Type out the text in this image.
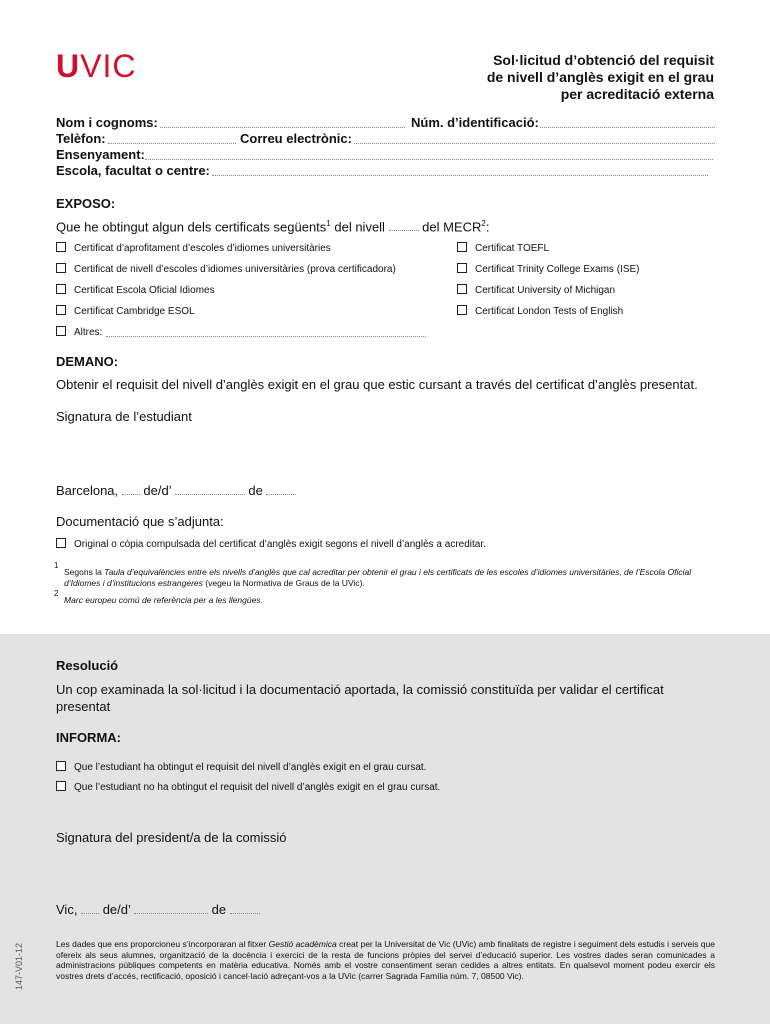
UVIC	Sol·licitud d’obtenció del requisit
de nivell d’anglès exigit en el grau
per acreditació externa
Nom i cognoms:	Núm. d’identificació:
Telèfon:	Correu electrònic:
Ensenyament:
Escola, facultat o centre:
EXPOSO:
Que he obtingut algun dels certificats següents$^1$ del nivell  del MECR$^2$:
Certificat d’aprofitament d’escoles d’idiomes universitàries
Certificat de nivell d’escoles d’idiomes universitàries (prova certificadora)
Certificat Escola Oficial Idiomes
Certificat Cambridge ESOL
Certificat TOEFL
Certificat Trinity College Exams (ISE)
Certificat University of Michigan
Certificat London Tests of English
Altres:
DEMANO:
Obtenir el requisit del nivell d’anglès exigit en el grau que estic cursant a través del certificat d’anglès presentat.
Signatura de l’estudiant
Barcelona, de/d’	de
Documentació que s’adjunta:
Original o còpia compulsada del certificat d’anglès exigit segons el nivell d’anglès a acreditar.
1
Segons la Taula d’equivalències entre els nivells d’anglès que cal acreditar per obtenir el grau i els certificats de les escoles d’idiomes universitàries, de l’Escola Oficial d’Idiomes i d’institucions estrangeres (vegeu la Normativa de Graus de la UVic).
2
Marc europeu comú de referència per a les llengües.
Resolució
Un cop examinada la sol·licitud i la documentació aportada, la comissió constituïda per validar el certificat presentat
INFORMA:
Que l’estudiant ha obtingut el requisit del nivell d’anglès exigit en el grau cursat.
Que l’estudiant no ha obtingut el requisit del nivell d’anglès exigit en el grau cursat.
Signatura del president/a de la comissió
Vic, de/d’	de
Les dades que ens proporcioneu s’incorporaran al fitxer Gestió acadèmica creat per la Universitat de Vic (UVic) amb finalitats de registre i seguiment dels estudis i serveis que oferеix als seus alumnes, organització de la docència i exercici de la resta de funcions pròpies del servei d’educació superior. Les vostres dades seran comunicades a administracions públiques competents en matèria educativa. Només amb el vostre consentiment seran cedides a altres entitats. En qualsevol moment podeu exercir els vostres drets d’accés, rectificació, oposició i cancel·lació adreçant-vos a la UVic (carrer Sagrada Família núm. 7, 08500 Vic).
147-V01-12
